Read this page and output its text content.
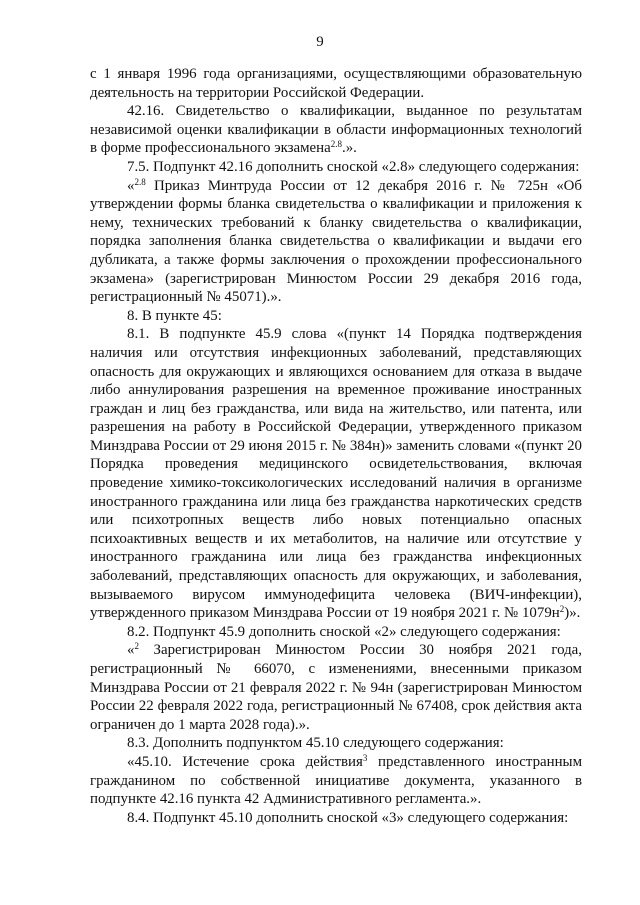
9

с 1 января 1996 года организациями, осуществляющими образовательную деятельность на территории Российской Федерации.

42.16. Свидетельство о квалификации, выданное по результатам независимой оценки квалификации в области информационных технологий в форме профессионального экзамена$^{2.8}$.».

7.5. Подпункт 42.16 дополнить сноской «2.8» следующего содержания:

«$^{2.8}$ Приказ Минтруда России от 12 декабря 2016 г. № 725н «Об утверждении формы бланка свидетельства о квалификации и приложения к нему, технических требований к бланку свидетельства о квалификации, порядка заполнения бланка свидетельства о квалификации и выдачи его дубликата, а также формы заключения о прохождении профессионального экзамена» (зарегистрирован Минюстом России 29 декабря 2016 года, регистрационный № 45071).».

8. В пункте 45:

8.1. В подпункте 45.9 слова «(пункт 14 Порядка подтверждения наличия или отсутствия инфекционных заболеваний, представляющих опасность для окружающих и являющихся основанием для отказа в выдаче либо аннулирования разрешения на временное проживание иностранных граждан и лиц без гражданства, или вида на жительство, или патента, или разрешения на работу в Российской Федерации, утвержденного приказом Минздрава России от 29 июня 2015 г. № 384н)» заменить словами «(пункт 20 Порядка проведения медицинского освидетельствования, включая проведение химико-токсикологических исследований наличия в организме иностранного гражданина или лица без гражданства наркотических средств или психотропных веществ либо новых потенциально опасных психоактивных веществ и их метаболитов, на наличие или отсутствие у иностранного гражданина или лица без гражданства инфекционных заболеваний, представляющих опасность для окружающих, и заболевания, вызываемого вирусом иммунодефицита человека (ВИЧ-инфекции), утвержденного приказом Минздрава России от 19 ноября 2021 г. № $1079н^2$)».

8.2. Подпункт 45.9 дополнить сноской «2» следующего содержания:

«$^2$ Зарегистрирован Минюстом России 30 ноября 2021 года, регистрационный № 66070, с изменениями, внесенными приказом Минздрава России от 21 февраля 2022 г. № 94н (зарегистрирован Минюстом России 22 февраля 2022 года, регистрационный № 67408, срок действия акта ограничен до 1 марта 2028 года).».

8.3. Дополнить подпунктом 45.10 следующего содержания:

«45.10. Истечение срока действия$^3$ представленного иностранным гражданином по собственной инициативе документа, указанного в подпункте 42.16 пункта 42 Административного регламента.».

8.4. Подпункт 45.10 дополнить сноской «3» следующего содержания:
